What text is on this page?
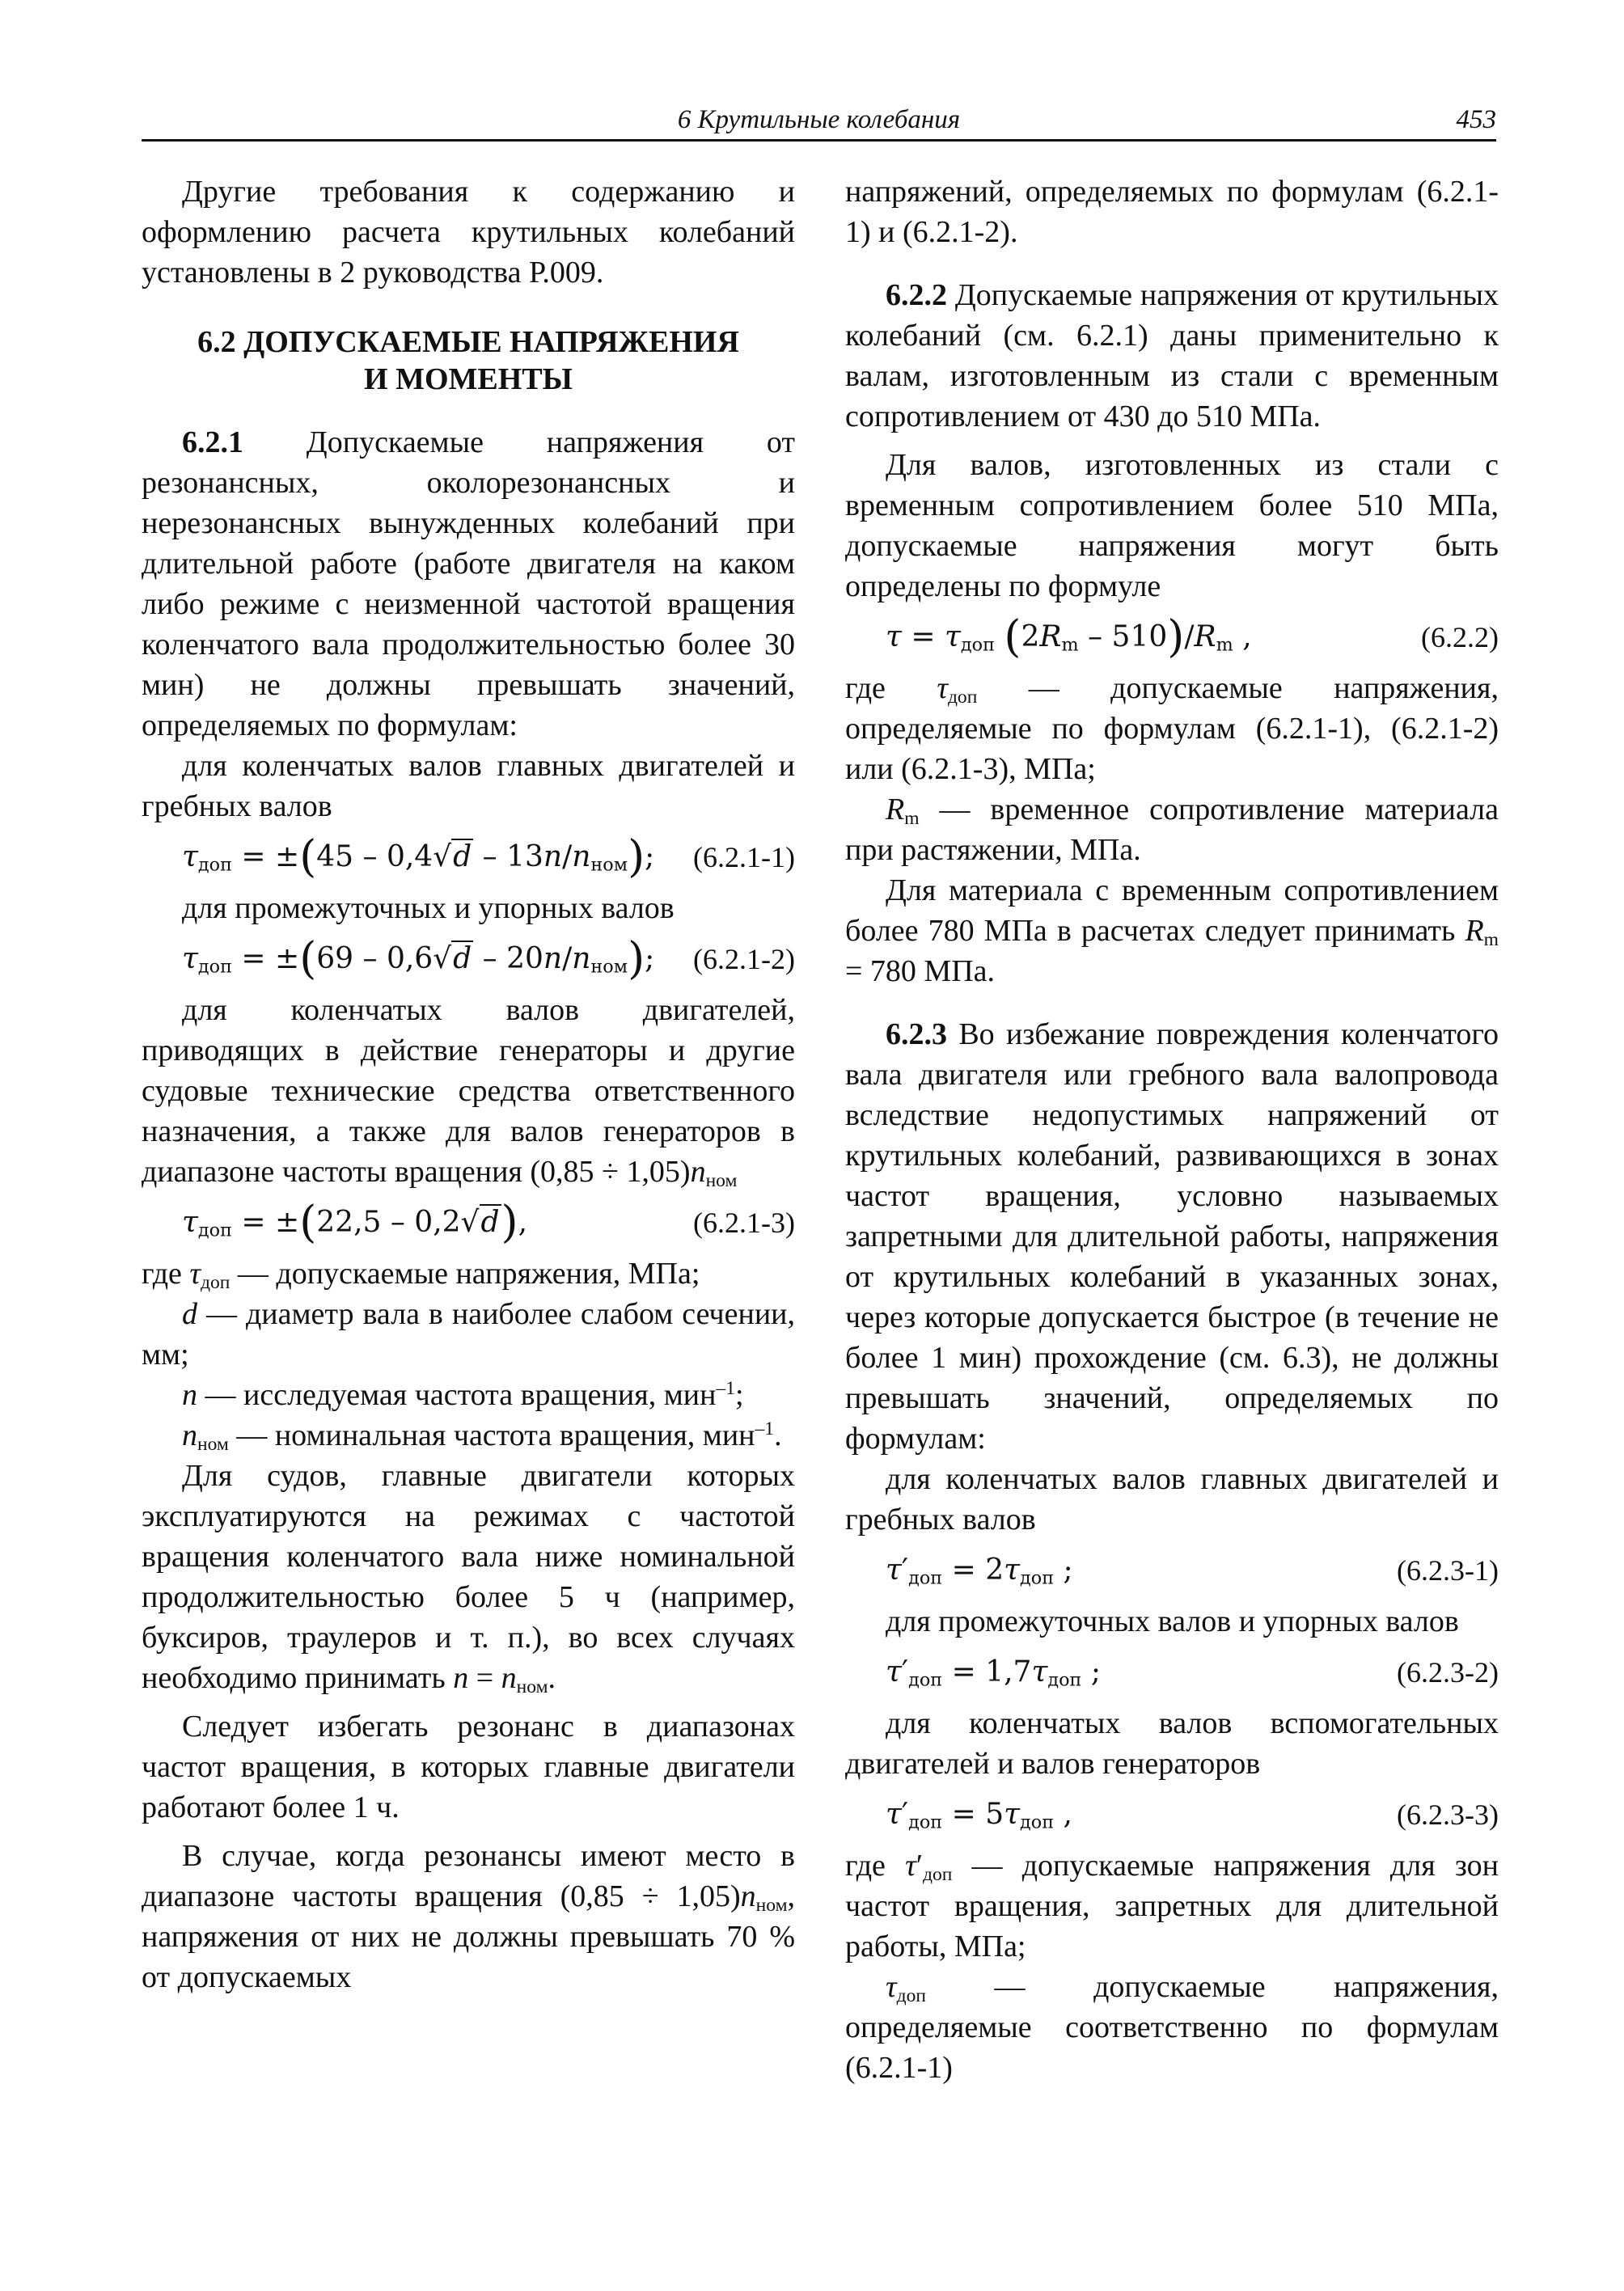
6 Крутильные колебания	453

Другие требования к содержанию и оформлению расчета крутильных колебаний установлены в 2 руководства Р.009.

6.2 ДОПУСКАЕМЫЕ НАПРЯЖЕНИЯ
И МОМЕНТЫ

6.2.1 Допускаемые напряжения от резонансных, околорезонансных и нерезонансных вынужденных колебаний при длительной работе (работе двигателя на каком либо режиме с неизменной частотой вращения коленчатого вала продолжительностью более 30 мин) не должны превышать значений, определяемых по формулам:

для коленчатых валов главных двигателей и гребных валов

$\tau_{доп} = \pm(45 - 0,4√d - 13n/n_{ном})$; (6.2.1-1)

для промежуточных и упорных валов

$\tau_{доп} = \pm(69 - 0,6√d - 20n/n_{ном})$; (6.2.1-2)

для коленчатых валов двигателей, приводящих в действие генераторы и другие судовые технические средства ответственного назначения, а также для валов генераторов в диапазоне частоты вращения $(0,85 \div 1,05)n_{ном}$

$\tau_{доп} = \pm(22,5 - 0,2√d)$,	(6.2.1-3)

где $\tau_{доп}$ — допускаемые напряжения, МПа;

d — диаметр вала в наиболее слабом сечении, мм;

n — исследуемая частота вращения, мин$^{-1}$;

$n_{ном}$ — номинальная частота вращения, мин$^{-1}$.

Для судов, главные двигатели которых эксплуатируются на режимах с частотой вращения коленчатого вала ниже номинальной продолжительностью более 5 ч (например, буксиров, траулеров и т. п.), во всех случаях необходимо принимать $n = n_{ном}$.

Следует избегать резонанс в диапазонах частот вращения, в которых главные двигатели работают более 1 ч.

В случае, когда резонансы имеют место в диапазоне частоты вращения $(0,85 \div 1,05)n_{ном}$, напряжения от них не должны превышать 70 % от допускаемых

напряжений, определяемых по формулам (6.2.1-1) и (6.2.1-2).

6.2.2 Допускаемые напряжения от крутильных колебаний (см. 6.2.1) даны применительно к валам, изготовленным из стали с временным сопротивлением от 430 до 510 МПа.

Для валов, изготовленных из стали с временным сопротивлением более 510 МПа, допускаемые напряжения могут быть определены по формуле

$\tau = \tau_{доп}$ $(2R_m - 510)/R_m$ ,	(6.2.2)

где $\tau_{доп}$ — допускаемые напряжения, определяемые по формулам (6.2.1-1), (6.2.1-2) или (6.2.1-3), МПа;

$R_m$ — временное сопротивление материала при растяжении, МПа.

Для материала с временным сопротивлением более 780 МПа в расчетах следует принимать $R_m = 780$ МПа.

6.2.3 Во избежание повреждения коленчатого вала двигателя или гребного вала валопровода вследствие недопустимых напряжений от крутильных колебаний, развивающихся в зонах частот вращения, условно называемых запретными для длительной работы, напряжения от крутильных колебаний в указанных зонах, через которые допускается быстрое (в течение не более 1 мин) прохождение (см. 6.3), не должны превышать значений, определяемых по формулам:

для коленчатых валов главных двигателей и гребных валов

$\tau'_{доп} = 2\tau_{доп}$ ;	(6.2.3-1)

для промежуточных валов и упорных валов

$\tau'_{доп} = 1,7\tau_{доп}$ ;	(6.2.3-2)

для коленчатых валов вспомогательных двигателей и валов генераторов

$\tau'_{доп} = 5\tau_{доп}$ ,	(6.2.3-3)

где $\tau'_{доп}$ — допускаемые напряжения для зон частот вращения, запретных для длительной работы, МПа;

$\tau_{доп}$ — допускаемые напряжения, определяемые соответственно по формулам (6.2.1-1)
